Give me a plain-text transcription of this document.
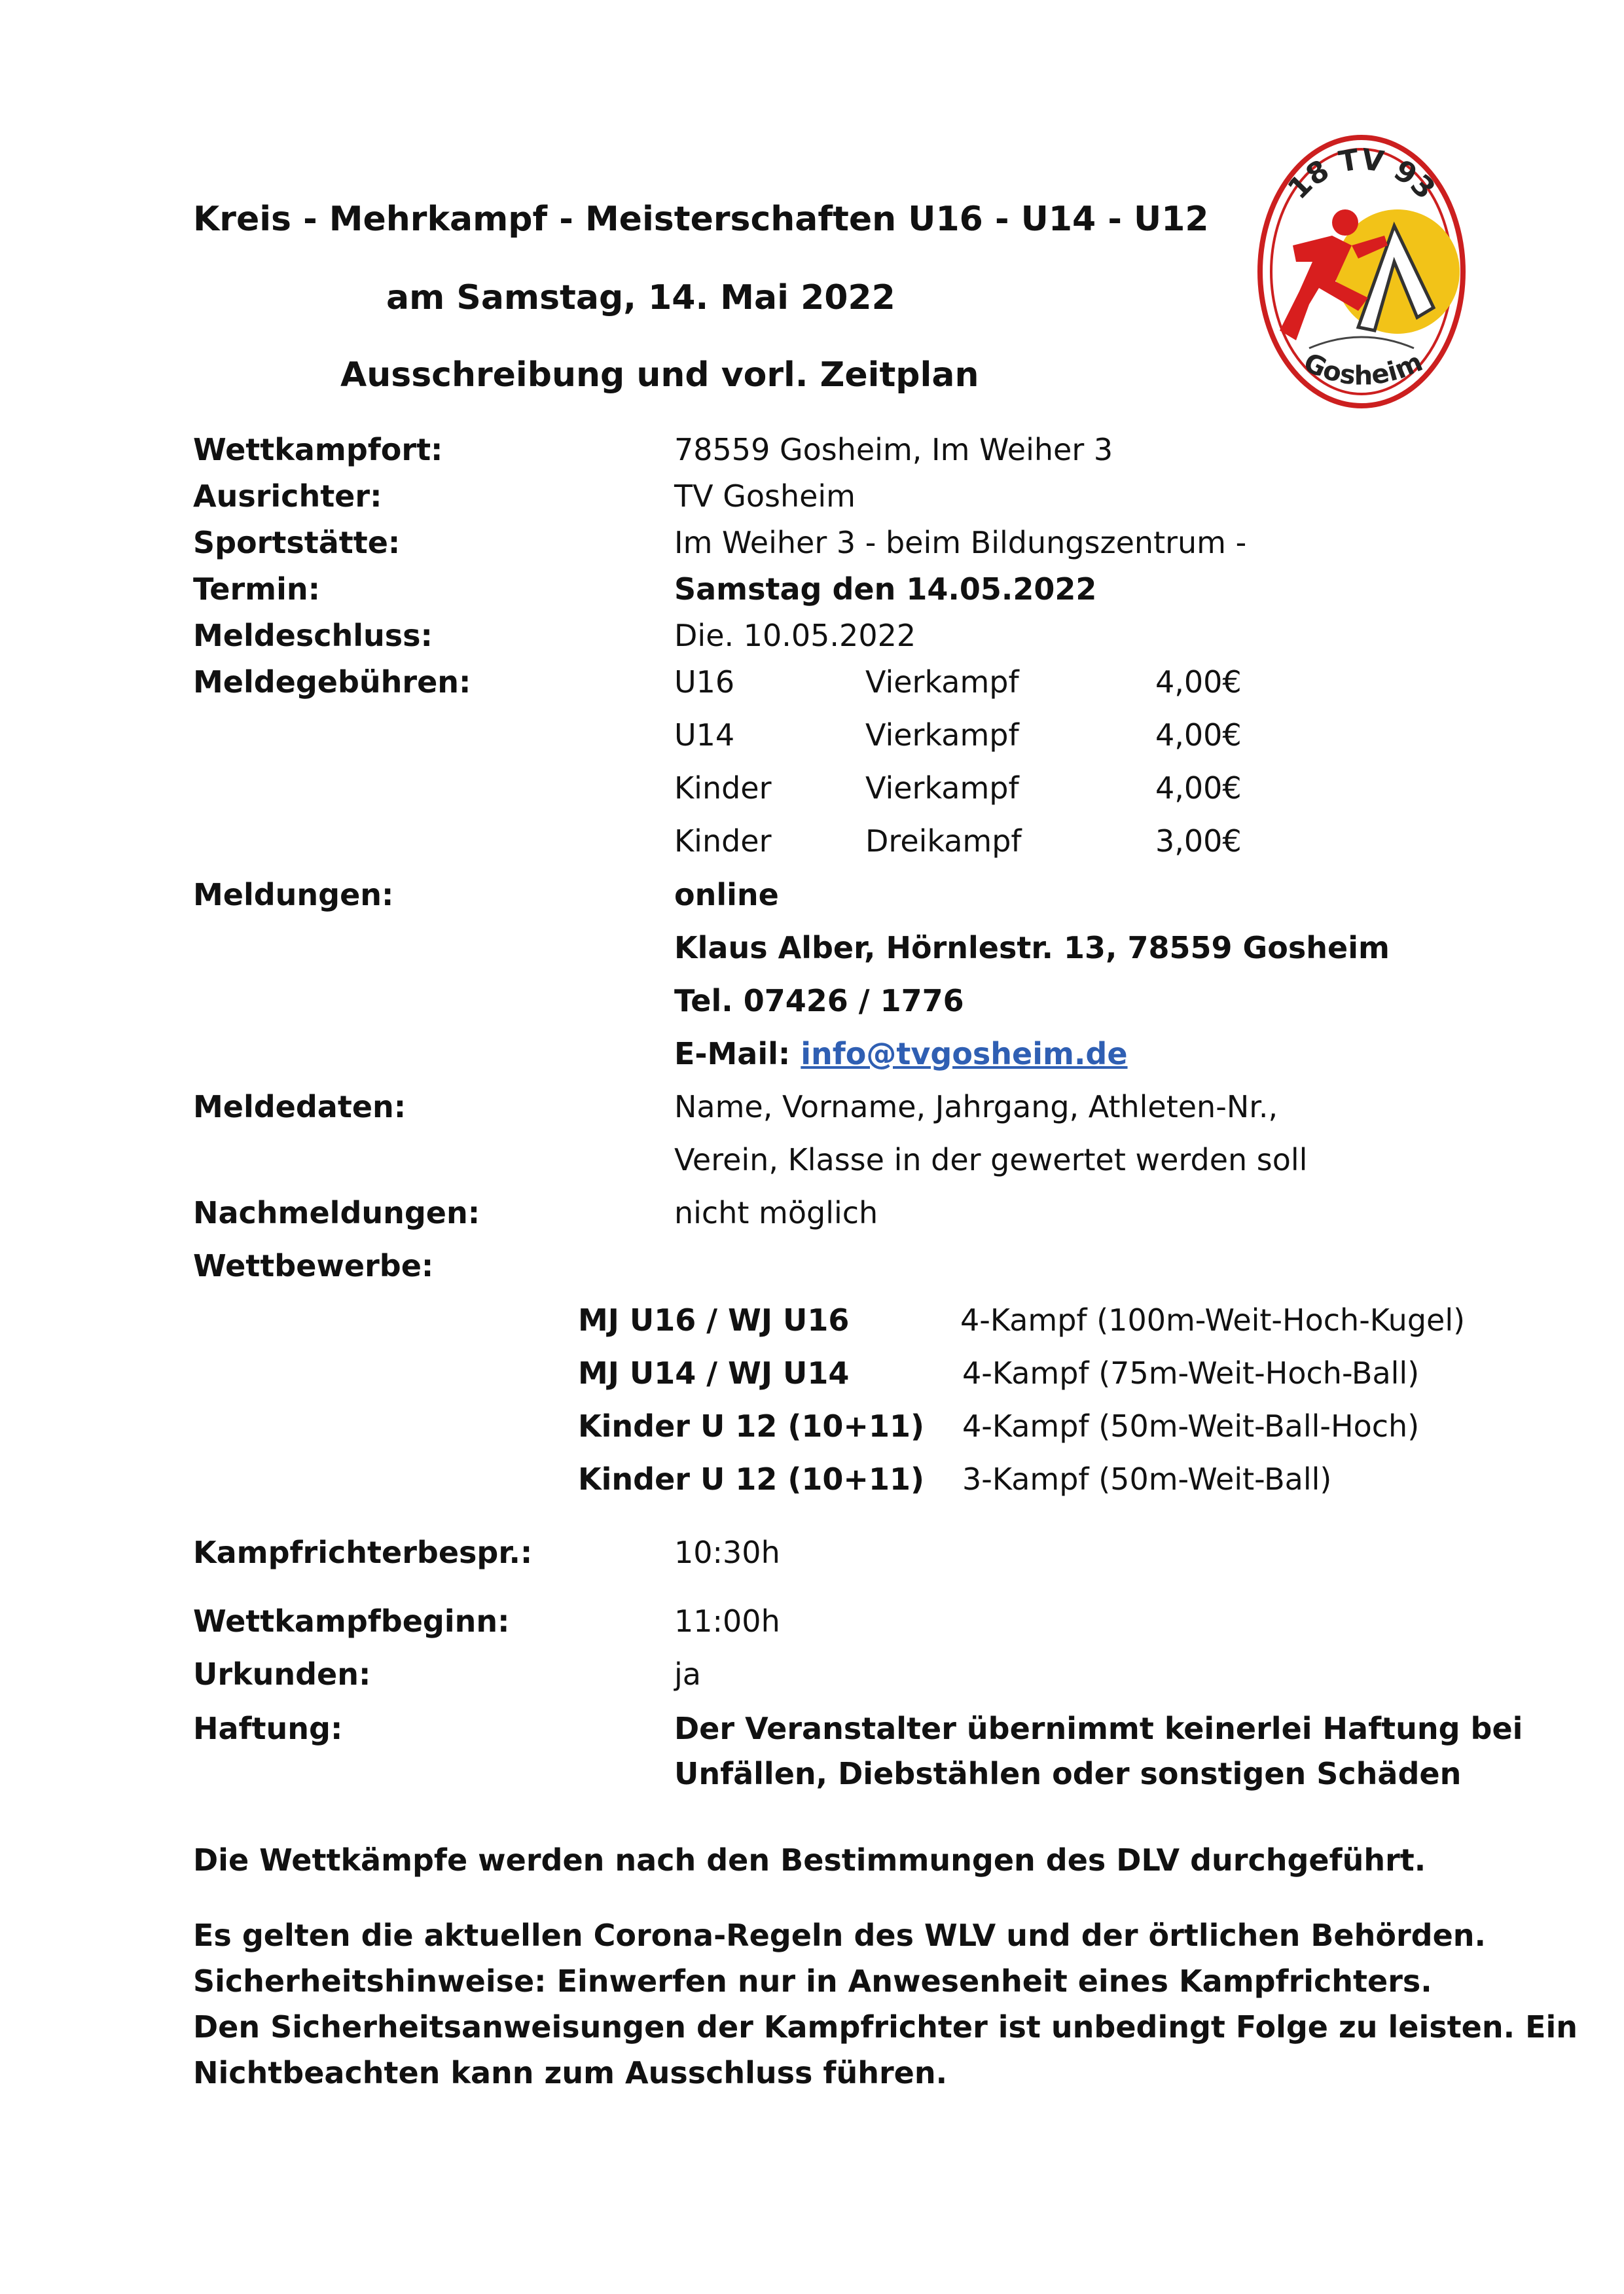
Kreis - Mehrkampf - Meisterschaften U16 - U14 - U12
am Samstag, 14. Mai 2022
Ausschreibung und vorl. Zeitplan
18 TV 93
Gosheim
Wettkampfort:	78559 Gosheim, Im Weiher 3
Ausrichter:	TV Gosheim
Sportstätte:	Im Weiher 3 - beim Bildungszentrum -
Termin:	Samstag den 14.05.2022
Meldeschluss:	Die. 10.05.2022
Meldegebühren:	U16	Vierkampf	4,00€
U14	Vierkampf	4,00€
Kinder	Vierkampf	4,00€
Kinder	Dreikampf	3,00€
Meldungen:	online
Klaus Alber, Hörnlestr. 13, 78559 Gosheim
Tel. 07426 / 1776
E-Mail: info@tvgosheim.de
Meldedaten:	Name, Vorname, Jahrgang, Athleten-Nr.,
Verein, Klasse in der gewertet werden soll
Nachmeldungen:	nicht möglich
Wettbewerbe:
MJ U16 / WJ U16	4-Kampf (100m-Weit-Hoch-Kugel)
MJ U14 / WJ U14	4-Kampf (75m-Weit-Hoch-Ball)
Kinder U 12 (10+11) 4-Kampf (50m-Weit-Ball-Hoch)
Kinder U 12 (10+11) 3-Kampf (50m-Weit-Ball)
Kampfrichterbespr.:	10:30h
Wettkampfbeginn:	11:00h
Urkunden:	ja
Haftung:	Der Veranstalter übernimmt keinerlei Haftung bei
Unfällen, Diebstählen oder sonstigen Schäden
Die Wettkämpfe werden nach den Bestimmungen des DLV durchgeführt.
Es gelten die aktuellen Corona-Regeln des WLV und der örtlichen Behörden.
Sicherheitshinweise: Einwerfen nur in Anwesenheit eines Kampfrichters.
Den Sicherheitsanweisungen der Kampfrichter ist unbedingt Folge zu leisten. Ein
Nichtbeachten kann zum Ausschluss führen.
